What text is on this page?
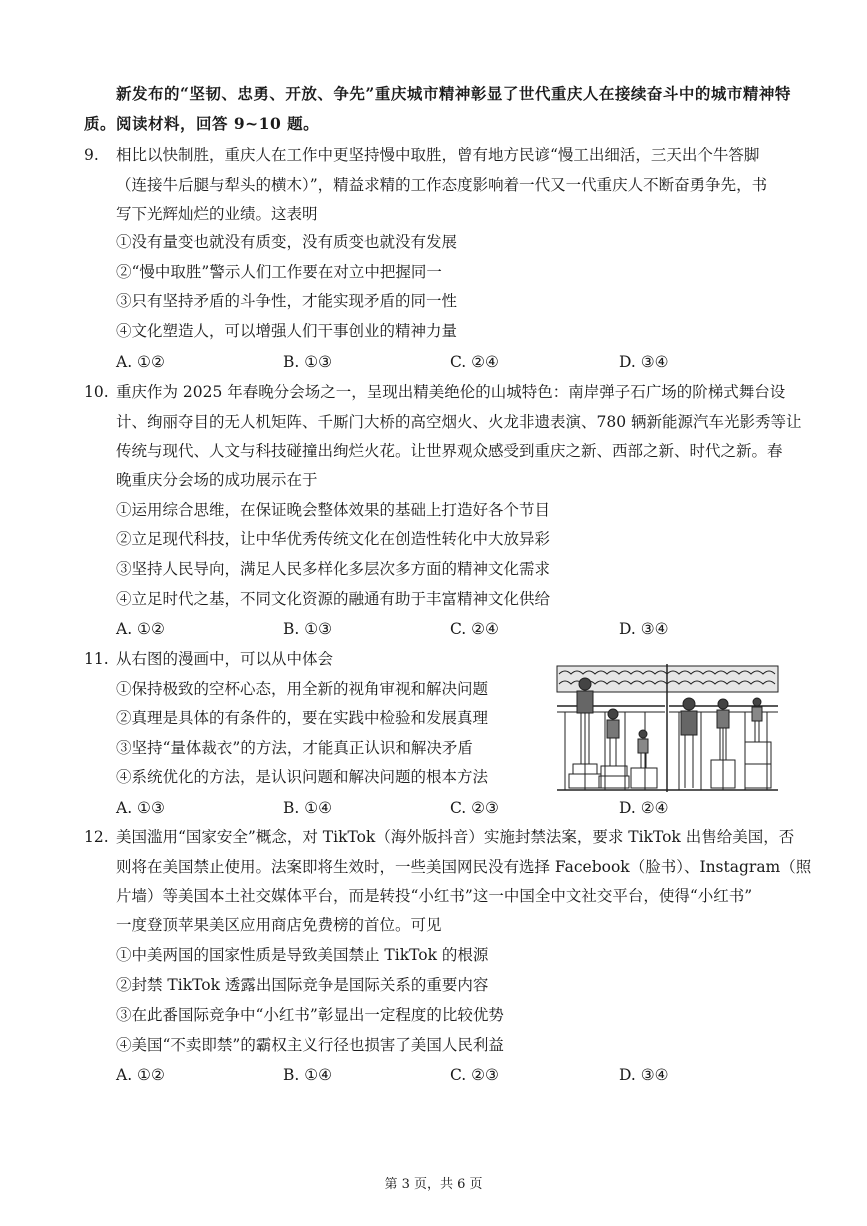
新发布的“坚韧、忠勇、开放、争先”重庆城市精神彰显了世代重庆人在接续奋斗中的城市精神特
质。阅读材料，回答 9~10 题。
9. 相比以快制胜，重庆人在工作中更坚持慢中取胜，曾有地方民谚“慢工出细活，三天出个牛答脚
（连接牛后腿与犁头的横木）”，精益求精的工作态度影响着一代又一代重庆人不断奋勇争先，书
写下光辉灿烂的业绩。这表明
①没有量变也就没有质变，没有质变也就没有发展
②“慢中取胜”警示人们工作要在对立中把握同一
③只有坚持矛盾的斗争性，才能实现矛盾的同一性
④文化塑造人，可以增强人们干事创业的精神力量
A. ①②	B. ①③	C. ②④	D. ③④
10. 重庆作为 2025 年春晚分会场之一，呈现出精美绝伦的山城特色：南岸弹子石广场的阶梯式舞台设
计、绚丽夺目的无人机矩阵、千厮门大桥的高空烟火、火龙非遗表演、780 辆新能源汽车光影秀等让
传统与现代、人文与科技碰撞出绚烂火花。让世界观众感受到重庆之新、西部之新、时代之新。春
晚重庆分会场的成功展示在于
①运用综合思维，在保证晚会整体效果的基础上打造好各个节目
②立足现代科技，让中华优秀传统文化在创造性转化中大放异彩
③坚持人民导向，满足人民多样化多层次多方面的精神文化需求
④立足时代之基，不同文化资源的融通有助于丰富精神文化供给
A. ①②	B. ①③	C. ②④	D. ③④
11. 从右图的漫画中，可以从中体会
①保持极致的空杯心态，用全新的视角审视和解决问题
②真理是具体的有条件的，要在实践中检验和发展真理
③坚持“量体裁衣”的方法，才能真正认识和解决矛盾
④系统优化的方法，是认识问题和解决问题的根本方法
A. ①③	B. ①④	C. ②③	D. ②④
12. 美国滥用“国家安全”概念，对 TikTok（海外版抖音）实施封禁法案，要求 TikTok 出售给美国，否
则将在美国禁止使用。法案即将生效时，一些美国网民没有选择 Facebook（脸书）、Instagram（照
片墙）等美国本土社交媒体平台，而是转投“小红书”这一中国全中文社交平台，使得“小红书”
一度登顶苹果美区应用商店免费榜的首位。可见
①中美两国的国家性质是导致美国禁止 TikTok 的根源
②封禁 TikTok 透露出国际竞争是国际关系的重要内容
③在此番国际竞争中“小红书”彰显出一定程度的比较优势
④美国“不卖即禁”的霸权主义行径也损害了美国人民利益
A. ①②	B. ①④	C. ②③	D. ③④
第 3 页，共 6 页
